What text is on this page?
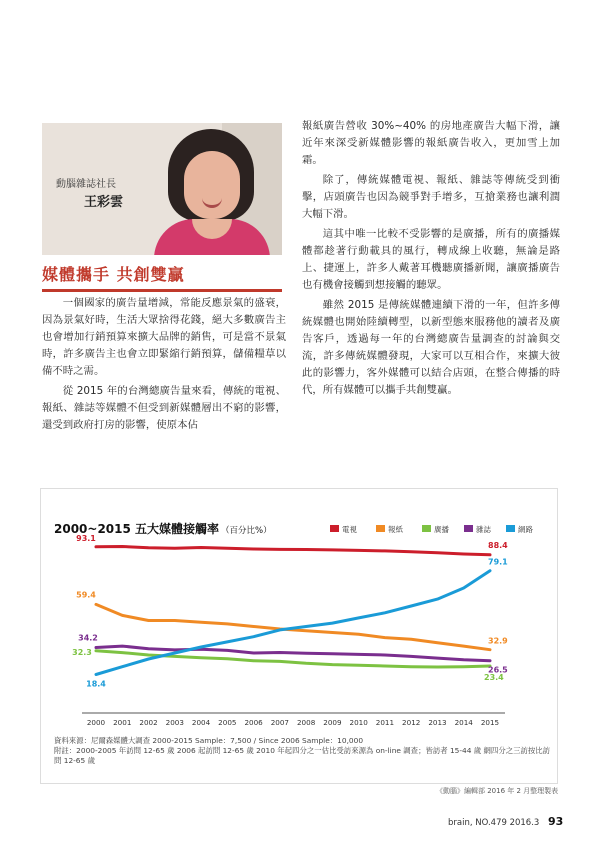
動腦雜誌社長
王彩雲
媒體攜手 共創雙贏

一個國家的廣告量增減，常能反應景氣的盛衰，因為景氣好時，生活大眾捨得花錢，絕大多數廣告主也會增加行銷預算來擴大品牌的銷售，可是當不景氣時，許多廣告主也會立即緊縮行銷預算，儲備糧草以備不時之需。

從 2015 年的台灣總廣告量來看，傳統的電視、報紙、雜誌等媒體不但受到新媒體層出不窮的影響，還受到政府打房的影響，使原本佔

報紙廣告營收 30%~40% 的房地產廣告大幅下滑，讓近年來深受新媒體影響的報紙廣告收入，更加雪上加霜。

除了，傳統媒體電視、報紙、雜誌等傳統受到衝擊，店頭廣告也因為競爭對手增多，互搶業務也讓利潤大幅下滑。

這其中唯一比較不受影響的是廣播，所有的廣播媒體都趁著行動載具的風行，轉成線上收聽，無論是路上、捷運上，許多人戴著耳機聽廣播新聞，讓廣播廣告也有機會接觸到想接觸的聽眾。

雖然 2015 是傳統媒體連續下滑的一年，但許多傳統媒體也開始陸續轉型，以新型態來服務他的讀者及廣告客戶，透過每一年的台灣總廣告量調查的討論與交流，許多傳統媒體發現，大家可以互相合作，來擴大彼此的影響力，客外媒體可以結合店頭，在整合傳播的時代，所有媒體可以攜手共創雙贏。

2000~2015 五大媒體接觸率 （百分比%）
2000 2001 2002 2003 2004 2005 2006 2007 2008 2009 2010 2011 2012 2013 2014 2015
電視	報紙	廣播	雜誌	網路
93.1
88.4
59.4
32.9
32.3
23.4
34.2
26.5
18.4
79.1
資料來源：尼爾森媒體大調查 2000-2015 Sample：7,500 / Since 2006 Sample：10,000
附註：2000-2005 年訪問 12-65 歲 2006 起訪問 12-65 歲 2010 年起四分之一估比受訪來源為 on-line 調查；皆訪者 15-44 歲 網四分之三訪按比訪問 12-65 歲
《動腦》編輯部 2016 年 2 月整理製表
brain, NO.479 2016.3 93
